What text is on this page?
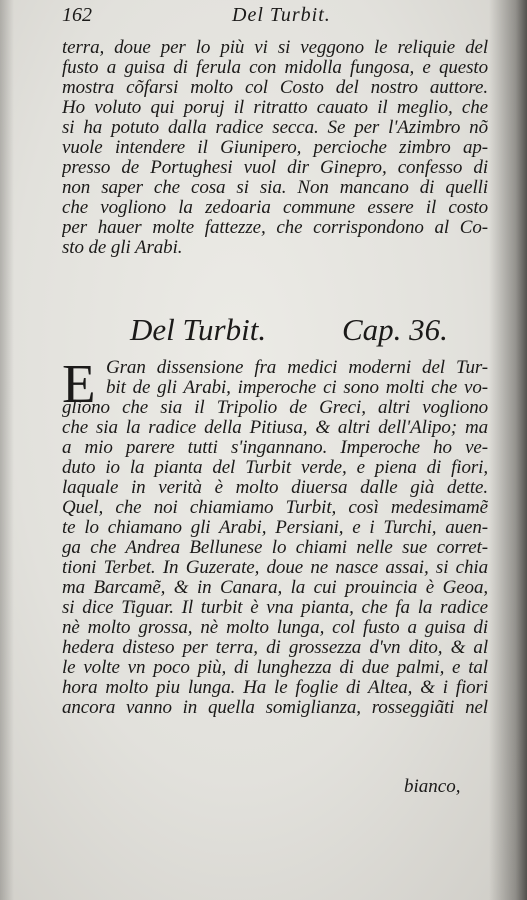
162	Del Turbit.
terra, doue per lo più vi si veggono le reliquie del
fusto a guisa di ferula con midolla fungosa, e questo
mostra cõfarsi molto col Costo del nostro auttore.
Ho voluto qui poruj il ritratto cauato il meglio, che
si ha potuto dalla radice secca. Se per l'Azimbro nõ
vuole intendere il Giunipero, percioche zimbro ap-
presso de Portughesi vuol dir Ginepro, confesso di
non saper che cosa si sia. Non mancano di quelli
che vogliono la zedoaria commune essere il costo
per hauer molte fattezze, che corrispondono al Co-
sto de gli Arabi.
Del Turbit. Cap. 36.
E Gran dissensione fra medici moderni del Tur-
bit de gli Arabi, imperoche ci sono molti che vo-
gliono che sia il Tripolio de Greci, altri vogliono
che sia la radice della Pitiusa, & altri dell'Alipo; ma
a mio parere tutti s'ingannano. Imperoche ho ve-
duto io la pianta del Turbit verde, e piena di fiori,
laquale in verità è molto diuersa dalle già dette.
Quel, che noi chiamiamo Turbit, così medesimamẽ
te lo chiamano gli Arabi, Persiani, e i Turchi, auen-
ga che Andrea Bellunese lo chiami nelle sue corret-
tioni Terbet. In Guzerate, doue ne nasce assai, si chia
ma Barcamẽ, & in Canara, la cui prouincia è Geoa,
si dice Tiguar. Il turbit è vna pianta, che fa la radice
nè molto grossa, nè molto lunga, col fusto a guisa di
hedera disteso per terra, di grossezza d'vn dito, & al
le volte vn poco più, di lunghezza di due palmi, e tal
hora molto piu lunga. Ha le foglie di Altea, & i fiori
ancora vanno in quella somiglianza, rosseggiãti nel
bianco,
